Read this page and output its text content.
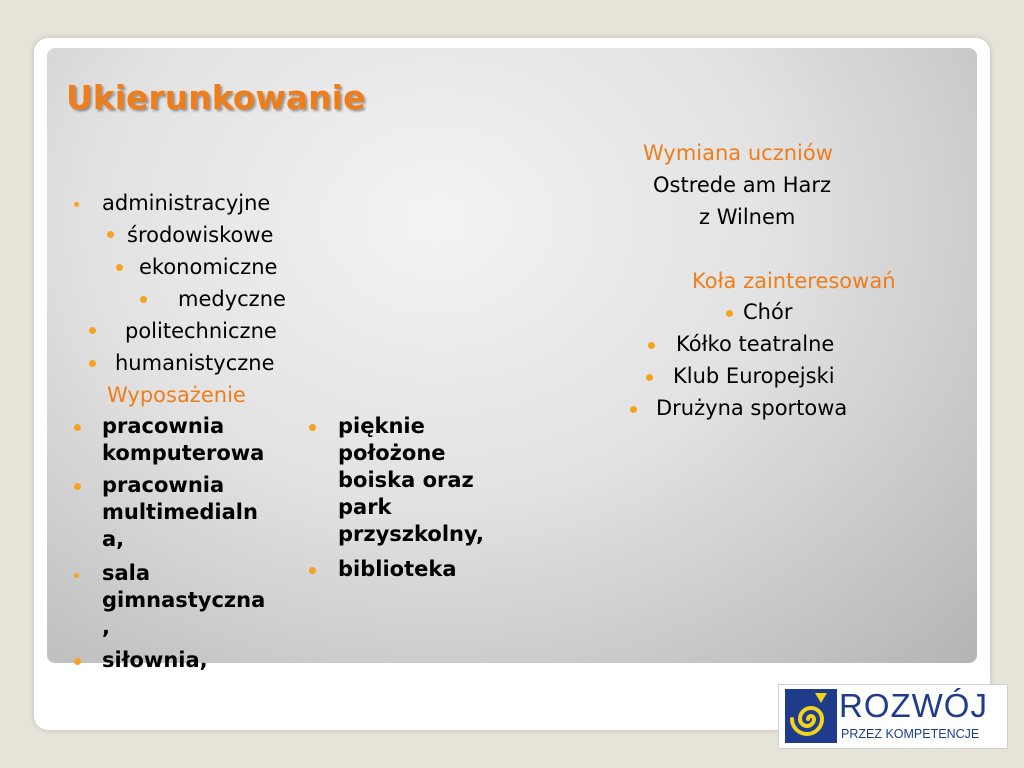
Ukierunkowanie
administracyjne
środowiskowe
ekonomiczne
medyczne
politechniczne
humanistyczne
Wyposażenie
pracownia
komputerowa
pracownia
multimedialn
a,
sala
gimnastyczna
,
siłownia,
pięknie
położone
boiska oraz
park
przyszkolny,
biblioteka
Wymiana uczniów
Ostrede am Harz
z Wilnem
Koła zainteresowań
Chór
Kółko teatralne
Klub Europejski
Drużyna sportowa
ROZWÓJ
PRZEZ KOMPETENCJE
